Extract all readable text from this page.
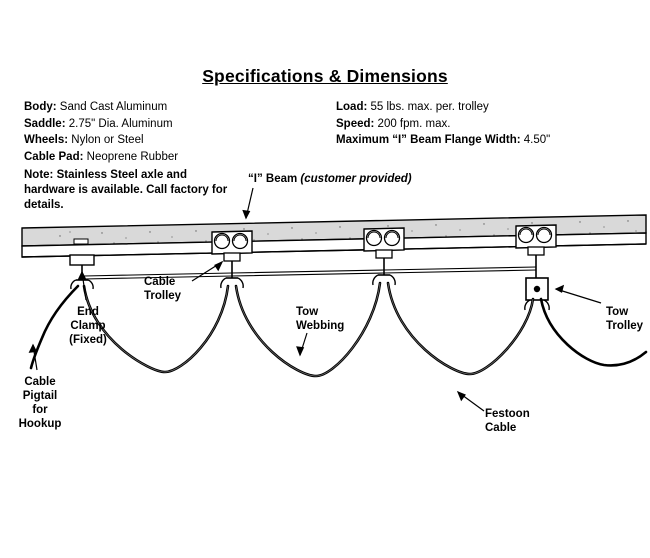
Specifications & Dimensions
Body: Sand Cast Aluminum
Saddle: 2.75" Dia. Aluminum
Wheels: Nylon or Steel
Cable Pad: Neoprene Rubber
Load: 55 lbs. max. per. trolley
Speed: 200 fpm. max.
Maximum “I” Beam Flange Width: 4.50"
Note: Stainless Steel axle and hardware is available. Call factory for details.
“I” Beam (customer provided)
Cable
Trolley
End
Clamp
(Fixed)
Tow
Webbing
Tow
Trolley
Cable
Pigtail
for
Hookup
Festoon
Cable
